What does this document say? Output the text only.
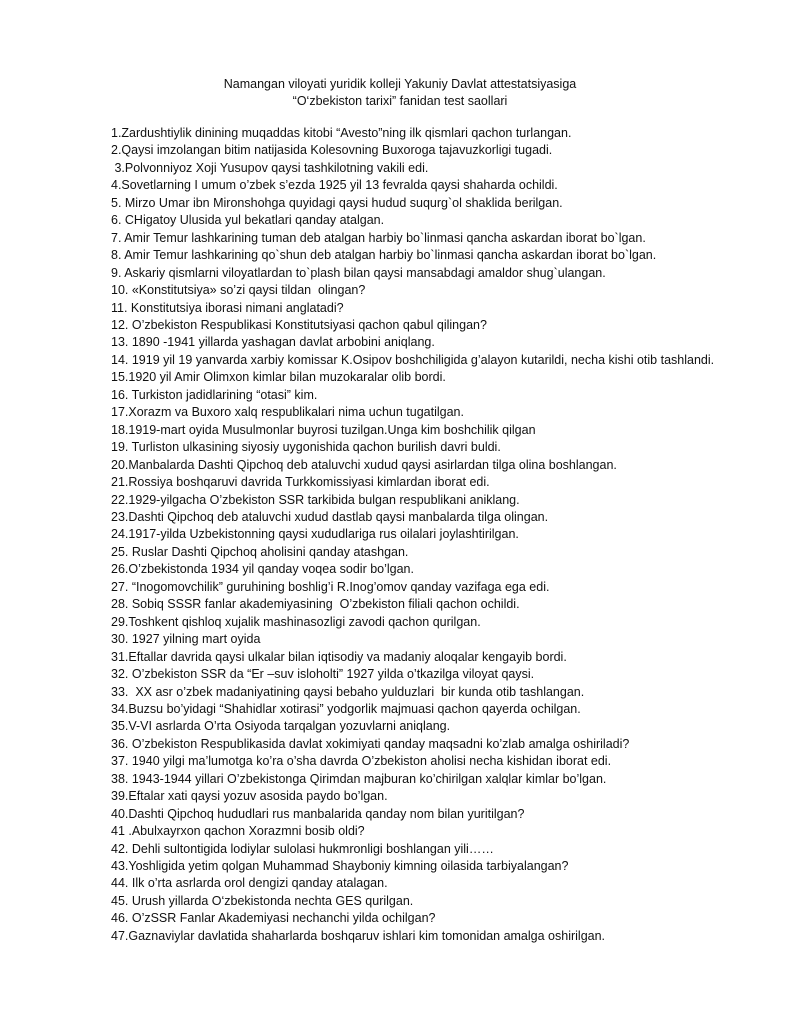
Namangan viloyati yuridik kolleji Yakuniy Davlat attestatsiyasiga
“O‘zbekiston tarixi” fanidan test saollari
1.Zardushtiylik dinining muqaddas kitobi “Avesto”ning ilk qismlari qachon turlangan.
2.Qaysi imzolangan bitim natijasida Kolesovning Buxoroga tajavuzkorligi tugadi.
3.Polvonniyoz Xoji Yusupov qaysi tashkilotning vakili edi.
4.Sovetlarning I umum o’zbek s’ezda 1925 yil 13 fevralda qaysi shaharda ochildi.
5. Mirzo Umar ibn Mironshohga quyidagi qaysi hudud suqurg`ol shaklida berilgan.
6. CHigatoy Ulusida yul bekatlari qanday atalgan.
7. Amir Temur lashkarining tuman deb atalgan harbiy bo`linmasi qancha askardan iborat bo`lgan.
8. Amir Temur lashkarining qo`shun deb atalgan harbiy bo`linmasi qancha askardan iborat bo`lgan.
9. Askariy qismlarni viloyatlardan to`plash bilan qaysi mansabdagi amaldor shug`ulangan.
10. «Konstitutsiya» so’zi qaysi tildan  olingan?
11. Konstitutsiya iborasi nimani anglatadi?
12. O’zbekiston Respublikasi Konstitutsiyasi qachon qabul qilingan?
13. 1890 -1941 yillarda yashagan davlat arbobini aniqlang.
14. 1919 yil 19 yanvarda xarbiy komissar K.Osipov boshchiligida g’alayon kutarildi, necha kishi otib tashlandi.
15.1920 yil Amir Olimxon kimlar bilan muzokaralar olib bordi.
16. Turkiston jadidlarining “otasi” kim.
17.Xorazm va Buxoro xalq respublikalari nima uchun tugatilgan.
18.1919-mart oyida Musulmonlar buyrosi tuzilgan.Unga kim boshchilik qilgan
19. Turliston ulkasining siyosiy uygonishida qachon burilish davri buldi.
20.Manbalarda Dashti Qipchoq deb ataluvchi xudud qaysi asirlardan tilga olina boshlangan.
21.Rossiya boshqaruvi davrida Turkkomissiyasi kimlardan iborat edi.
22.1929-yilgacha O’zbekiston SSR tarkibida bulgan respublikani aniklang.
23.Dashti Qipchoq deb ataluvchi xudud dastlab qaysi manbalarda tilga olingan.
24.1917-yilda Uzbekistonning qaysi xududlariga rus oilalari joylashtirilgan.
25. Ruslar Dashti Qipchoq aholisini qanday atashgan.
26.O’zbekistonda 1934 yil qanday voqea sodir bo’lgan.
27. “Inogomovchilik” guruhining boshlig’i R.Inog’omov qanday vazifaga ega edi.
28. Sobiq SSSR fanlar akademiyasining  O’zbekiston filiali qachon ochildi.
29.Toshkent qishloq xujalik mashinasozligi zavodi qachon qurilgan.
30. 1927 yilning mart oyida
31.Eftallar davrida qaysi ulkalar bilan iqtisodiy va madaniy aloqalar kengayib bordi.
32. O’zbekiston SSR da “Er –suv isloholti” 1927 yilda o’tkazilga viloyat qaysi.
33.  XX asr o’zbek madaniyatining qaysi bebaho yulduzlari  bir kunda otib tashlangan.
34.Buzsu bo’yidagi “Shahidlar xotirasi” yodgorlik majmuasi qachon qayerda ochilgan.
35.V-VI asrlarda O’rta Osiyoda tarqalgan yozuvlarni aniqlang.
36. O’zbekiston Respublikasida davlat xokimiyati qanday maqsadni ko’zlab amalga oshiriladi?
37. 1940 yilgi ma’lumotga ko’ra o’sha davrda O’zbekiston aholisi necha kishidan iborat edi.
38. 1943-1944 yillari O’zbekistonga Qirimdan majburan ko’chirilgan xalqlar kimlar bo’lgan.
39.Eftalar xati qaysi yozuv asosida paydo bo’lgan.
40.Dashti Qipchoq hududlari rus manbalarida qanday nom bilan yuritilgan?
41 .Abulxayrxon qachon Xorazmni bosib oldi?
42. Dehli sultontigida lodiylar sulolasi hukmronligi boshlangan yili……
43.Yoshligida yetim qolgan Muhammad Shayboniy kimning oilasida tarbiyalangan?
44. Ilk o’rta asrlarda orol dengizi qanday atalagan.
45. Urush yillarda O‘zbekistonda nechta GES qurilgan.
46. O’zSSR Fanlar Akademiyasi nechanchi yilda ochilgan?
47.Gaznaviylar davlatida shaharlarda boshqaruv ishlari kim tomonidan amalga oshirilgan.
